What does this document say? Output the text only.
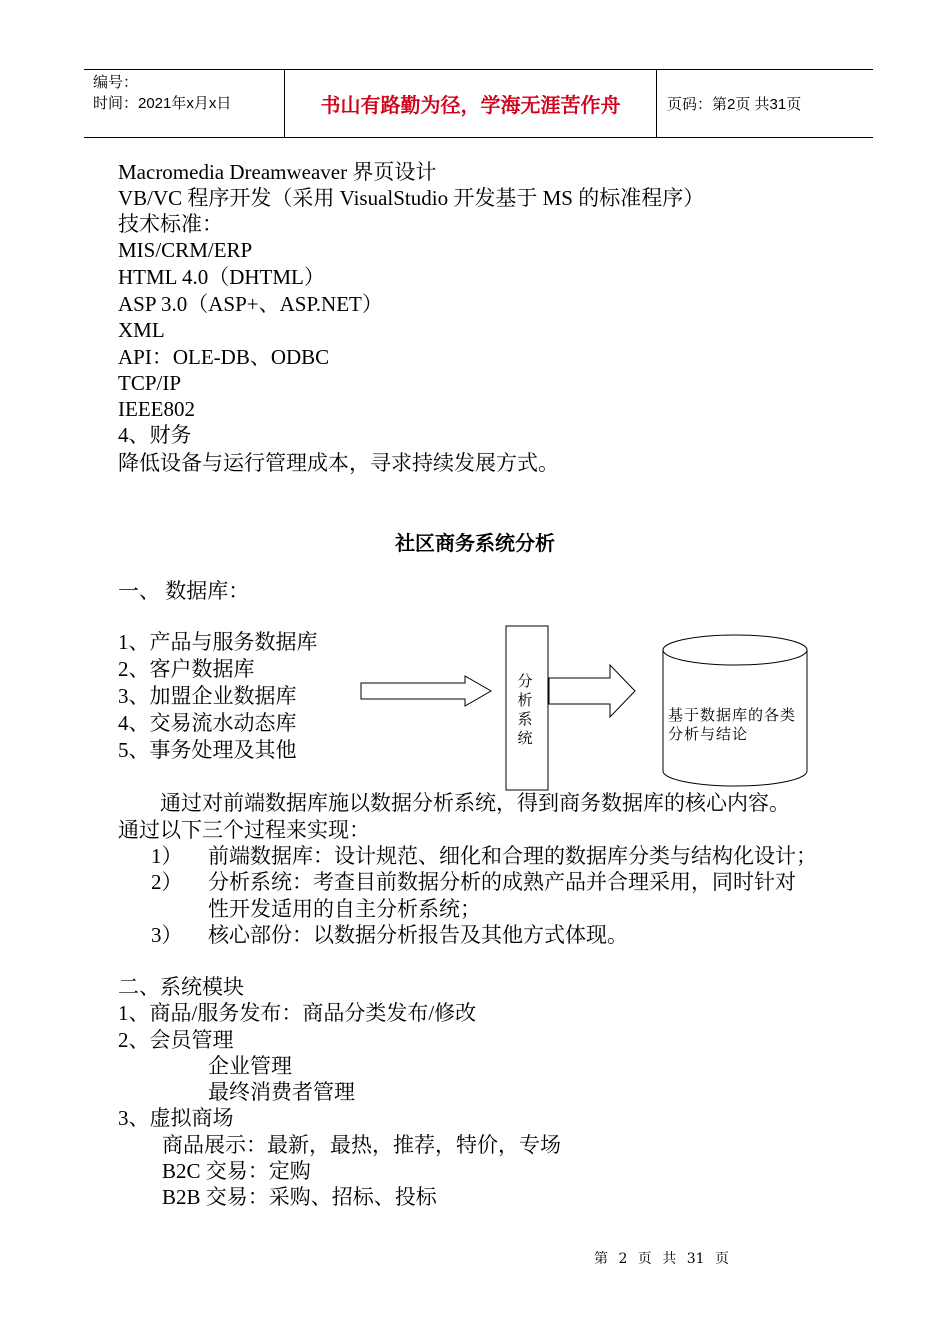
编号：
时间：2021年x月x日	书山有路勤为径，学海无涯苦作舟	页码：第2页 共31页
Macromedia Dreamweaver 界页设计
VB/VC 程序开发（采用 VisualStudio 开发基于 MS 的标准程序）
技术标准：
MIS/CRM/ERP
HTML 4.0（DHTML）
ASP 3.0（ASP+、ASP.NET）
XML
API：OLE-DB、ODBC
TCP/IP
IEEE802
4、财务
降低设备与运行管理成本，寻求持续发展方式。
社区商务系统分析
一、 数据库：
1、产品与服务数据库
2、客户数据库
3、加盟企业数据库
4、交易流水动态库
5、事务处理及其他
分析系统
基于数据库的各类分析与结论
通过对前端数据库施以数据分析系统，得到商务数据库的核心内容。
通过以下三个过程来实现：
1） 前端数据库：设计规范、细化和合理的数据库分类与结构化设计；
2） 分析系统：考查目前数据分析的成熟产品并合理采用，同时针对
性开发适用的自主分析系统；
3） 核心部份：以数据分析报告及其他方式体现。
二、系统模块
1、商品/服务发布：商品分类发布/修改
2、会员管理
企业管理
最终消费者管理
3、虚拟商场
商品展示：最新，最热，推荐，特价，专场
B2C 交易：定购
B2B 交易：采购、招标、投标
第 2 页 共 31 页
